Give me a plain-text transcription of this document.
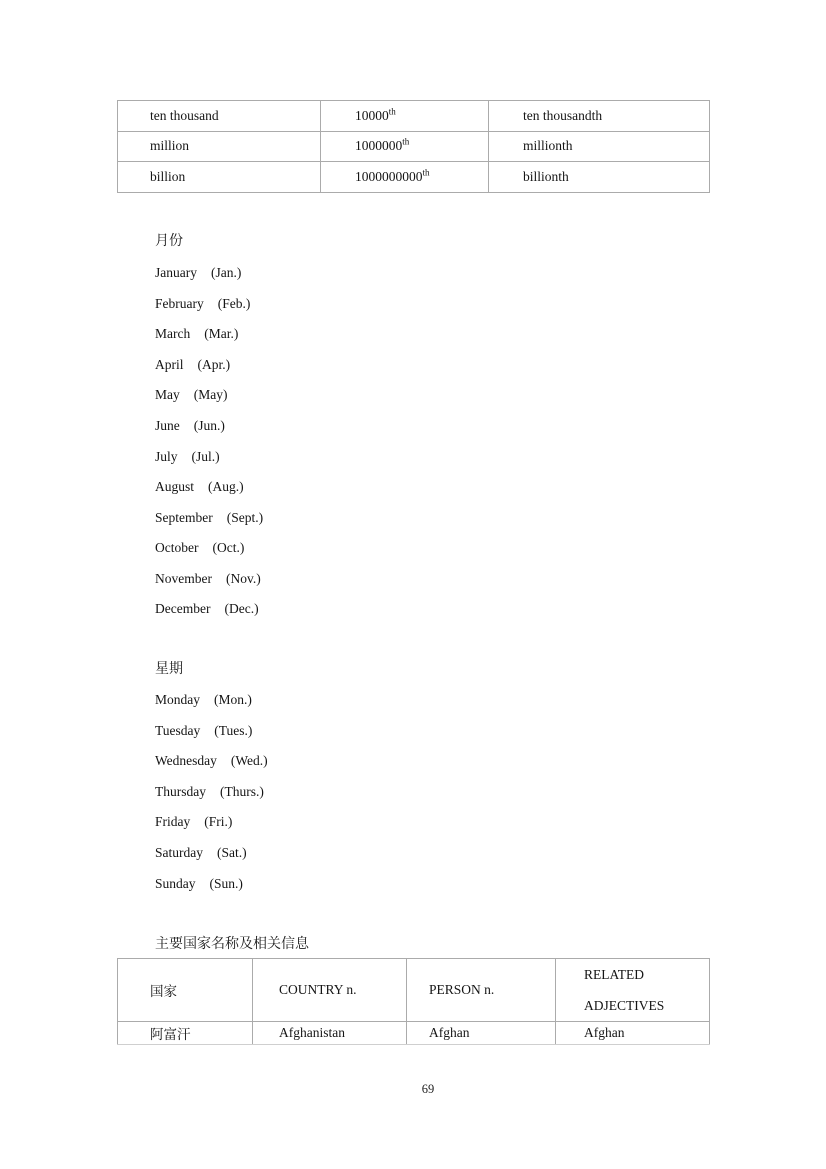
ten thousand	10000th	ten thousandth
million	1000000th	millionth
billion	1000000000th	billionth
月份
January (Jan.)
February (Feb.)
March (Mar.)
April (Apr.)
May (May)
June (Jun.)
July (Jul.)
August (Aug.)
September (Sept.)
October (Oct.)
November (Nov.)
December (Dec.)
星期
Monday (Mon.)
Tuesday (Tues.)
Wednesday (Wed.)
Thursday (Thurs.)
Friday (Fri.)
Saturday (Sat.)
Sunday (Sun.)
主要国家名称及相关信息
国家	COUNTRY n.	PERSON n.	RELATED
ADJECTIVES

阿富汗	Afghanistan	Afghan	Afghan
69
